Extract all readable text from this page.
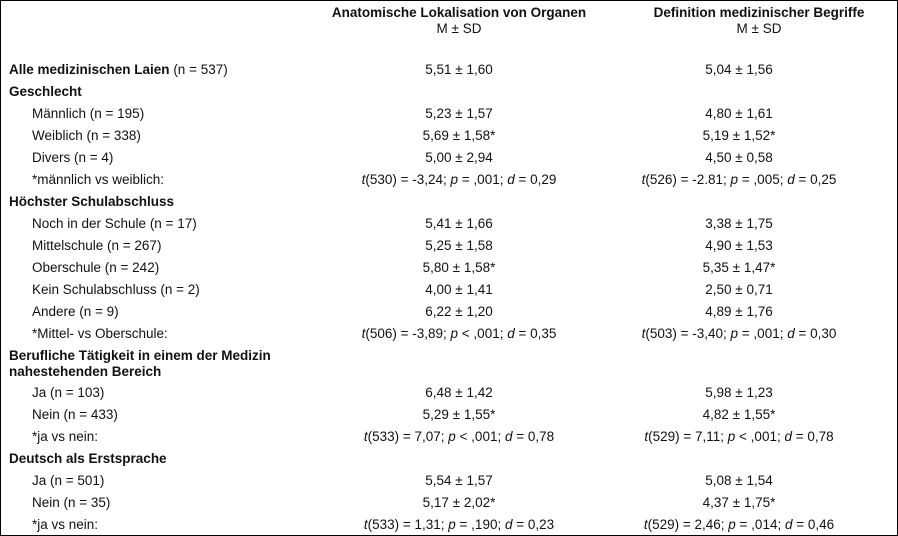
Anatomische Lokalisation von Organen
M ± SD
Definition medizinischer Begriffe
M ± SD
Alle medizinischen Laien (n = 537)	5,51 ± 1,60	5,04 ± 1,56
Geschlecht
Männlich (n = 195)	5,23 ± 1,57	4,80 ± 1,61
Weiblich (n = 338)	5,69 ± 1,58*	5,19 ± 1,52*
Divers (n = 4)	5,00 ± 2,94	4,50 ± 0,58
*männlich vs weiblich:	t(530) = -3,24; p = ,001; d = 0,29	t(526) = -2.81; p = ,005; d = 0,25
Höchster Schulabschluss
Noch in der Schule (n = 17)	5,41 ± 1,66	3,38 ± 1,75
Mittelschule (n = 267)	5,25 ± 1,58	4,90 ± 1,53
Oberschule (n = 242)	5,80 ± 1,58*	5,35 ± 1,47*
Kein Schulabschluss (n = 2)	4,00 ± 1,41	2,50 ± 0,71
Andere (n = 9)	6,22 ± 1,20	4,89 ± 1,76
*Mittel- vs Oberschule:	t(506) = -3,89; p < ,001; d = 0,35	t(503) = -3,40; p = ,001; d = 0,30
Berufliche Tätigkeit in einem der Medizin nahestehenden Bereich
Ja (n = 103)	6,48 ± 1,42	5,98 ± 1,23
Nein (n = 433)	5,29 ± 1,55*	4,82 ± 1,55*
*ja vs nein:	t(533) = 7,07; p < ,001; d = 0,78	t(529) = 7,11; p < ,001; d = 0,78
Deutsch als Erstsprache
Ja (n = 501)	5,54 ± 1,57	5,08 ± 1,54
Nein (n = 35)	5,17 ± 2,02*	4,37 ± 1,75*
*ja vs nein:	t(533) = 1,31; p = ,190; d = 0,23	t(529) = 2,46; p = ,014; d = 0,46
